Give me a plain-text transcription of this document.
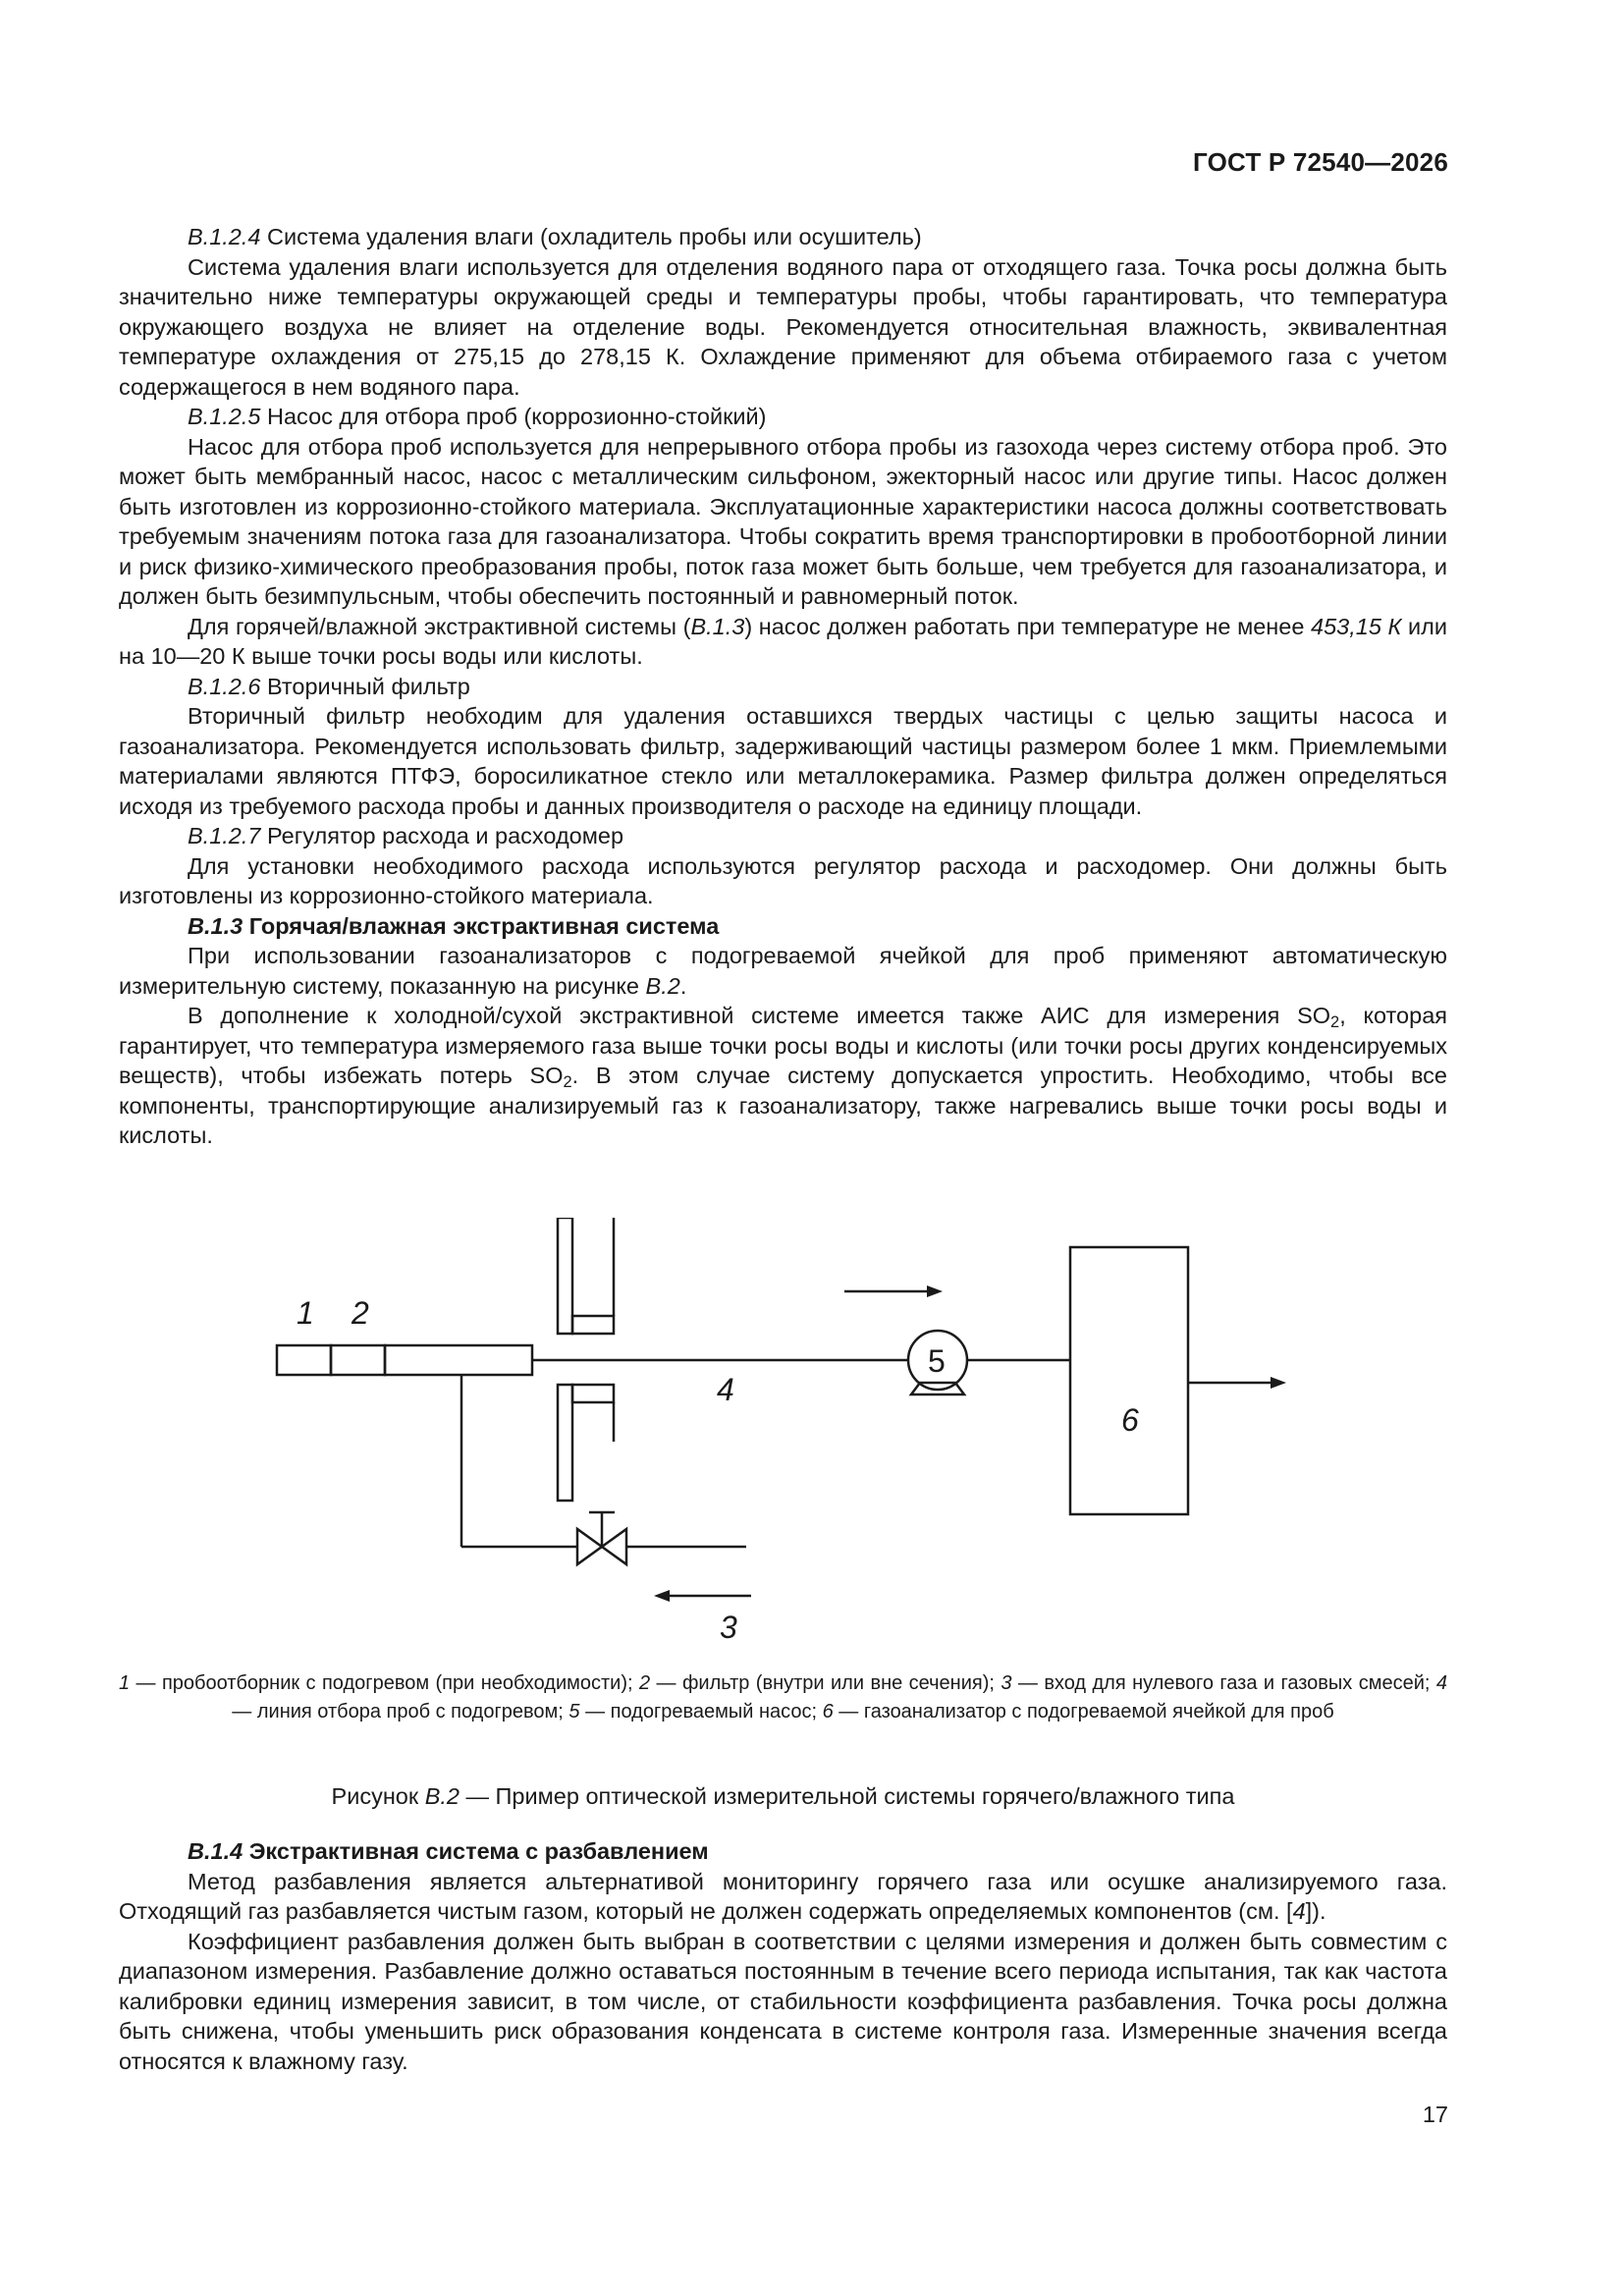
ГОСТ Р 72540—2026

В.1.2.4 Система удаления влаги (охладитель пробы или осушитель)

Система удаления влаги используется для отделения водяного пара от отходящего газа. Точка росы должна быть значительно ниже температуры окружающей среды и температуры пробы, чтобы гарантировать, что температура окружающего воздуха не влияет на отделение воды. Рекомендуется относительная влажность, эквивалентная температуре охлаждения от 275,15 до 278,15 К. Охлаждение применяют для объема отбираемого газа с учетом содержащегося в нем водяного пара.

В.1.2.5 Насос для отбора проб (коррозионно-стойкий)

Насос для отбора проб используется для непрерывного отбора пробы из газохода через систему отбора проб. Это может быть мембранный насос, насос с металлическим сильфоном, эжекторный насос или другие типы. Насос должен быть изготовлен из коррозионно-стойкого материала. Эксплуатационные характеристики насоса должны соответствовать требуемым значениям потока газа для газоанализатора. Чтобы сократить время транспортировки в пробоотборной линии и риск физико-химического преобразования пробы, поток газа может быть больше, чем требуется для газоанализатора, и должен быть безимпульсным, чтобы обеспечить постоянный и равномерный поток.

Для горячей/влажной экстрактивной системы (В.1.3) насос должен работать при температуре не менее 453,15 К или на 10—20 К выше точки росы воды или кислоты.

В.1.2.6 Вторичный фильтр

Вторичный фильтр необходим для удаления оставшихся твердых частицы с целью защиты насоса и газоанализатора. Рекомендуется использовать фильтр, задерживающий частицы размером более 1 мкм. Приемлемыми материалами являются ПТФЭ, боросиликатное стекло или металлокерамика. Размер фильтра должен определяться исходя из требуемого расхода пробы и данных производителя о расходе на единицу площади.

В.1.2.7 Регулятор расхода и расходомер

Для установки необходимого расхода используются регулятор расхода и расходомер. Они должны быть изготовлены из коррозионно-стойкого материала.

В.1.3 Горячая/влажная экстрактивная система

При использовании газоанализаторов с подогреваемой ячейкой для проб применяют автоматическую измерительную систему, показанную на рисунке В.2.

В дополнение к холодной/сухой экстрактивной системе имеется также АИС для измерения $SO_2$, которая гарантирует, что температура измеряемого газа выше точки росы воды и кислоты (или точки росы других конденсируемых веществ), чтобы избежать потерь $SO_2$. В этом случае систему допускается упростить. Необходимо, чтобы все компоненты, транспортирующие анализируемый газ к газоанализатору, также нагревались выше точки росы воды и кислоты.

1 2
3
4
5
6
1 — пробоотборник с подогревом (при необходимости); 2 — фильтр (внутри или вне сечения); 3 — вход для нулевого газа и газовых смесей; 4 — линия отбора проб с подогревом; 5 — подогреваемый насос; 6 — газоанализатор с подогреваемой ячейкой для проб
Рисунок В.2 — Пример оптической измерительной системы горячего/влажного типа

В.1.4 Экстрактивная система с разбавлением

Метод разбавления является альтернативой мониторингу горячего газа или осушке анализируемого газа. Отходящий газ разбавляется чистым газом, который не должен содержать определяемых компонентов (см. [4]).

Коэффициент разбавления должен быть выбран в соответствии с целями измерения и должен быть совместим с диапазоном измерения. Разбавление должно оставаться постоянным в течение всего периода испытания, так как частота калибровки единиц измерения зависит, в том числе, от стабильности коэффициента разбавления. Точка росы должна быть снижена, чтобы уменьшить риск образования конденсата в системе контроля газа. Измеренные значения всегда относятся к влажному газу.

17
